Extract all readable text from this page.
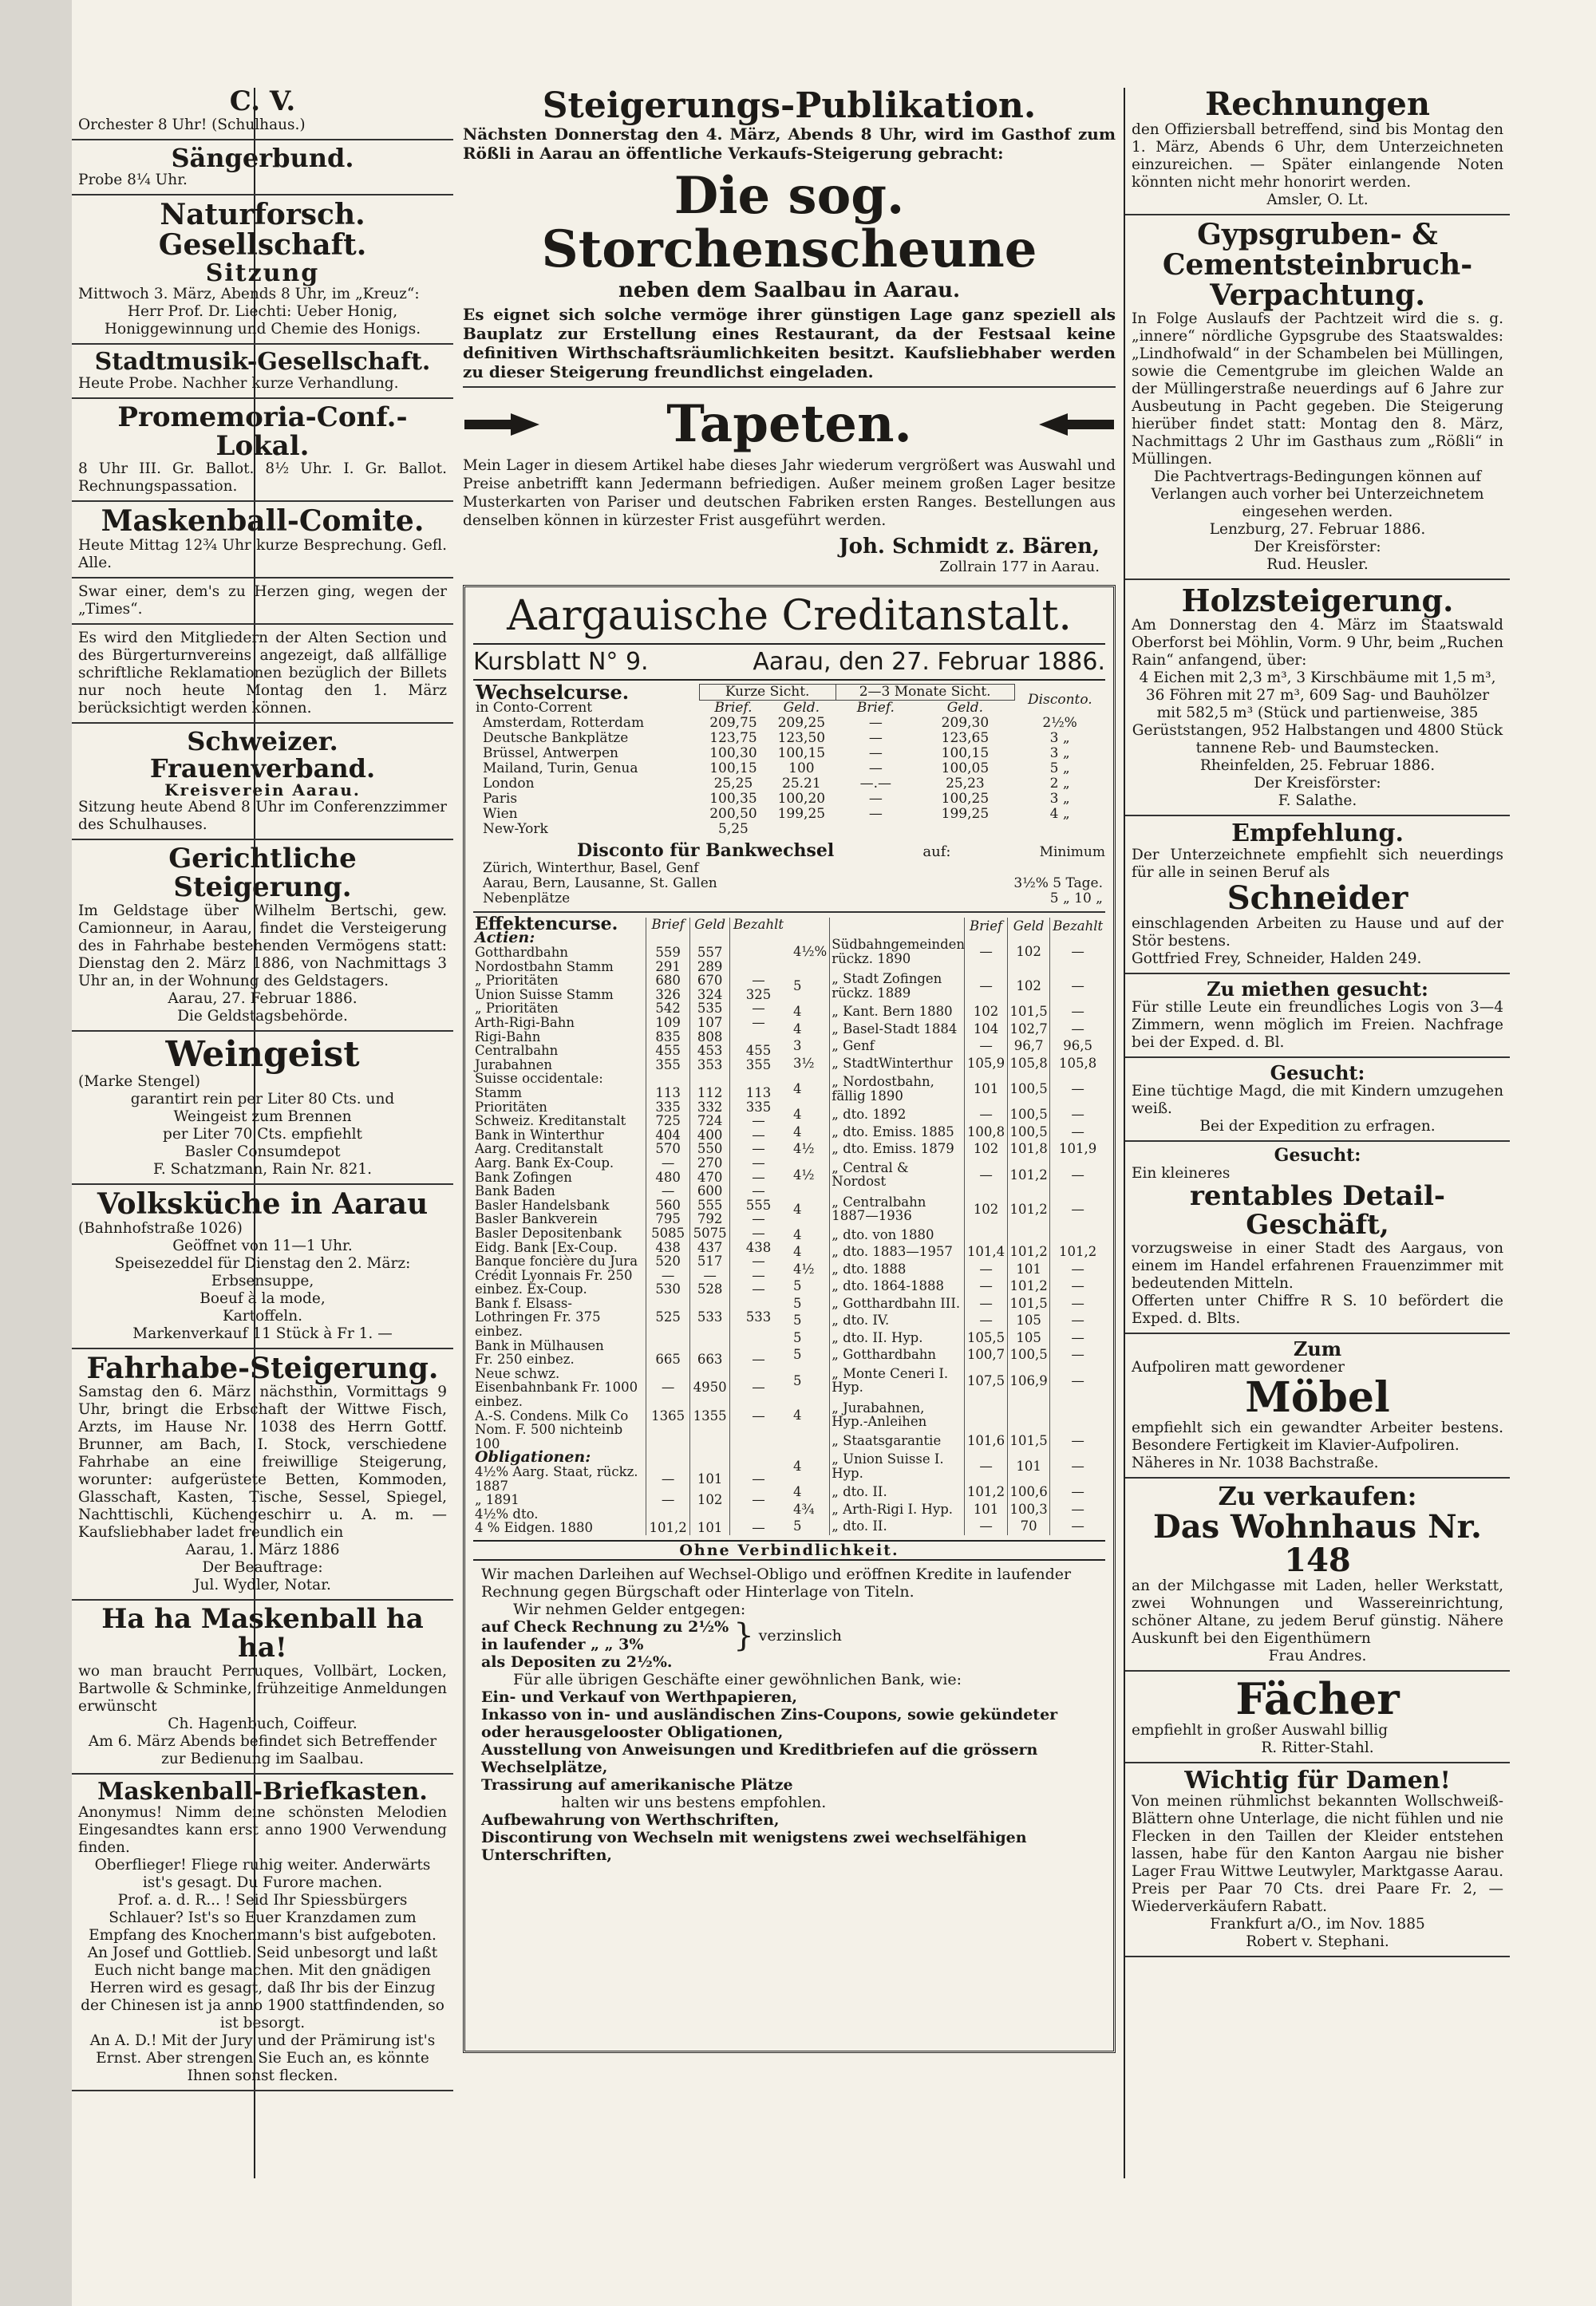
C. V.

Orchester 8 Uhr! (Schulhaus.)

Sängerbund.

Probe 8¼ Uhr.

Naturforsch. Gesellschaft.
Sitzung

Mittwoch 3. März, Abends 8 Uhr, im „Kreuz“:

Herr Prof. Dr. Liechti: Ueber Honig, Honiggewinnung und Chemie des Honigs.

Stadtmusik-Gesellschaft.

Heute Probe. Nachher kurze Verhandlung.

Promemoria-Conf.-Lokal.

8 Uhr III. Gr. Ballot. 8½ Uhr. I. Gr. Ballot. Rechnungspassation.

Maskenball-Comite.

Heute Mittag 12¾ Uhr kurze Besprechung. Gefl. Alle.

Swar einer, dem's zu Herzen ging, wegen der „Times“.

Es wird den Mitgliedern der Alten Section und des Bürgerturnvereins angezeigt, daß allfällige schriftliche Reklamationen bezüglich der Billets nur noch heute Montag den 1. März berücksichtigt werden können.

Schweizer. Frauenverband.
Kreisverein Aarau.

Sitzung heute Abend 8 Uhr im Conferenzzimmer des Schulhauses.

Gerichtliche Steigerung.

Im Geldstage über Wilhelm Bertschi, gew. Camionneur, in Aarau, findet die Versteigerung des in Fahrhabe bestehenden Vermögens statt: Dienstag den 2. März 1886, von Nachmittags 3 Uhr an, in der Wohnung des Geldstagers.

Aarau, 27. Februar 1886.

Die Geldstagsbehörde.

Weingeist

(Marke Stengel)

garantirt rein per Liter 80 Cts. und

Weingeist zum Brennen

per Liter 70 Cts. empfiehlt

Basler Consumdepot

F. Schatzmann, Rain Nr. 821.

Volksküche in Aarau

(Bahnhofstraße 1026)

Geöffnet von 11—1 Uhr.

Speisezeddel für Dienstag den 2. März:

Erbsensuppe,

Boeuf à la mode,

Kartoffeln.

Markenverkauf 11 Stück à Fr 1. —

Fahrhabe-Steigerung.

Samstag den 6. März nächsthin, Vormittags 9 Uhr, bringt die Erbschaft der Wittwe Fisch, Arzts, im Hause Nr. 1038 des Herrn Gottf. Brunner, am Bach, I. Stock, verschiedene Fahrhabe an eine freiwillige Steigerung, worunter: aufgerüstete Betten, Kommoden, Glasschaft, Kasten, Tische, Sessel, Spiegel, Nachttischli, Küchengeschirr u. A. m. — Kaufsliebhaber ladet freundlich ein

Aarau, 1. März 1886

Der Beauftrage:

Jul. Wydler, Notar.

Ha ha Maskenball ha ha!

wo man braucht Perruques, Vollbärt, Locken, Bartwolle & Schminke, frühzeitige Anmeldungen erwünscht

Ch. Hagenbuch, Coiffeur.

Am 6. März Abends befindet sich Betreffender zur Bedienung im Saalbau.

Maskenball-Briefkasten.

Anonymus! Nimm deine schönsten Melodien Eingesandtes kann erst anno 1900 Verwendung finden.

Oberflieger! Fliege ruhig weiter. Anderwärts ist's gesagt. Du Furore machen.

Prof. a. d. R... ! Seid Ihr Spiessbürgers Schlauer? Ist's so Euer Kranzdamen zum Empfang des Knochenmann's bist aufgeboten.

An Josef und Gottlieb. Seid unbesorgt und laßt Euch nicht bange machen. Mit den gnädigen Herren wird es gesagt, daß Ihr bis der Einzug der Chinesen ist ja anno 1900 stattfindenden, so ist besorgt.

An A. D.! Mit der Jury und der Prämirung ist's Ernst. Aber strengen Sie Euch an, es könnte Ihnen sonst flecken.

Rechnungen

den Offiziersball betreffend, sind bis Montag den 1. März, Abends 6 Uhr, dem Unterzeichneten einzureichen. — Später einlangende Noten könnten nicht mehr honorirt werden.

Amsler, O. Lt.

Gypsgruben- & Cementsteinbruch-Verpachtung.

In Folge Auslaufs der Pachtzeit wird die s. g. „innere“ nördliche Gypsgrube des Staatswaldes: „Lindhofwald“ in der Schambelen bei Müllingen, sowie die Cementgrube im gleichen Walde an der Müllingerstraße neuerdings auf 6 Jahre zur Ausbeutung in Pacht gegeben. Die Steigerung hierüber findet statt: Montag den 8. März, Nachmittags 2 Uhr im Gasthaus zum „Rößli“ in Müllingen.

Die Pachtvertrags-Bedingungen können auf Verlangen auch vorher bei Unterzeichnetem eingesehen werden.

Lenzburg, 27. Februar 1886.

Der Kreisförster:

Rud. Heusler.

Holzsteigerung.

Am Donnerstag den 4. März im Staatswald Oberforst bei Möhlin, Vorm. 9 Uhr, beim „Ruchen Rain“ anfangend, über:

4 Eichen mit 2,3 m³, 3 Kirschbäume mit 1,5 m³, 36 Föhren mit 27 m³, 609 Sag- und Bauhölzer mit 582,5 m³ (Stück und partienweise, 385 Gerüststangen, 952 Halbstangen und 4800 Stück tannene Reb- und Baumstecken.

Rheinfelden, 25. Februar 1886.

Der Kreisförster:

F. Salathe.

Empfehlung.

Der Unterzeichnete empfiehlt sich neuerdings für alle in seinen Beruf als

Schneider

einschlagenden Arbeiten zu Hause und auf der Stör bestens.

Gottfried Frey, Schneider, Halden 249.

Zu miethen gesucht:

Für stille Leute ein freundliches Logis von 3—4 Zimmern, wenn möglich im Freien. Nachfrage bei der Exped. d. Bl.

Gesucht:

Eine tüchtige Magd, die mit Kindern umzugehen weiß.

Bei der Expedition zu erfragen.

Gesucht:

Ein kleineres

rentables Detail-Geschäft,

vorzugsweise in einer Stadt des Aargaus, von einem im Handel erfahrenen Frauenzimmer mit bedeutenden Mitteln.

Offerten unter Chiffre R S. 10 befördert die Exped. d. Blts.

Zum

Aufpoliren matt gewordener

Möbel

empfiehlt sich ein gewandter Arbeiter bestens. Besondere Fertigkeit im Klavier-Aufpoliren.

Näheres in Nr. 1038 Bachstraße.

Zu verkaufen:
Das Wohnhaus Nr. 148

an der Milchgasse mit Laden, heller Werkstatt, zwei Wohnungen und Wassereinrichtung, schöner Altane, zu jedem Beruf günstig. Nähere Auskunft bei den Eigenthümern

Frau Andres.

Fächer

empfiehlt in großer Auswahl billig

R. Ritter-Stahl.

Wichtig für Damen!

Von meinen rühmlichst bekannten Wollschweiß-Blättern ohne Unterlage, die nicht fühlen und nie Flecken in den Taillen der Kleider entstehen lassen, habe für den Kanton Aargau nie bisher Lager Frau Wittwe Leutwyler, Marktgasse Aarau. Preis per Paar 70 Cts. drei Paare Fr. 2, — Wiederverkäufern Rabatt.

Frankfurt a/O., im Nov. 1885

Robert v. Stephani.

Steigerungs-Publikation.

Nächsten Donnerstag den 4. März, Abends 8 Uhr, wird im Gasthof zum Rößli in Aarau an öffentliche Verkaufs-Steigerung gebracht:

Die sog. Storchenscheune
neben dem Saalbau in Aarau.

Es eignet sich solche vermöge ihrer günstigen Lage ganz speziell als Bauplatz zur Erstellung eines Restaurant, da der Festsaal keine definitiven Wirthschaftsräumlichkeiten besitzt. Kaufsliebhaber werden zu dieser Steigerung freundlichst eingeladen.

Tapeten.

Mein Lager in diesem Artikel habe dieses Jahr wiederum vergrößert was Auswahl und Preise anbetrifft kann Jedermann befriedigen. Außer meinem großen Lager besitze Musterkarten von Pariser und deutschen Fabriken ersten Ranges. Bestellungen aus denselben können in kürzester Frist ausgeführt werden.

Joh. Schmidt z. Bären,
Zollrain 177 in Aarau.
Aargauische Creditanstalt.
Kursblatt N° 9.	Aarau, den 27. Februar 1886.
Wechselcurse.	Kurze Sicht.		2—3 Monate Sicht.		Disconto.
in Conto-Corrent	Brief.	Geld.	Brief.	Geld.	
Amsterdam, Rotterdam	209,75	209,25	—	209,30	2½%
Deutsche Bankplätze	123,75	123,50	—	123,65	3 „
Brüssel, Antwerpen	100,30	100,15	—	100,15	3 „
Mailand, Turin, Genua	100,15	100	—	100,05	5 „
London	25,25	25.21	—.—	25,23	2 „
Paris	100,35	100,20	—	100,25	3 „
Wien	200,50	199,25	—	199,25	4 „
New-York	5,25				
Disconto für Bankwechsel	auf:	Minimum
Zürich, Winterthur, Basel, Genf	
Aarau, Bern, Lausanne, St. Gallen	3½% 5 Tage.
Nebenplätze	5 „ 10 „
Effektencurse.	Brief	Geld	Bezahlt
Actien:			
Gotthardbahn	559	557	
Nordostbahn Stamm	291	289	
„ Prioritäten	680	670	—
Union Suisse Stamm	326	324	325
„ Prioritäten	542	535	—
Arth-Rigi-Bahn	109	107	—
Rigi-Bahn	835	808	
Centralbahn	455	453	455
Jurabahnen	355	353	355
Suisse occidentale:			
Stamm	113	112	113
Prioritäten	335	332	335

Schweiz. Kreditanstalt	725	724	—
Bank in Winterthur	404	400	—
Aarg. Creditanstalt	570	550	—
Aarg. Bank Ex-Coup.	—	270	—
Bank Zofingen	480	470	—
Bank Baden	—	600	—
Basler Handelsbank	560	555	555
Basler Bankverein	795	792	—
Basler Depositenbank	5085	5075	—
Eidg. Bank [Ex-Coup.	438	437	438
Banque foncière du Jura	520	517	—
Crédit Lyonnais Fr. 250	—	—	—
einbez. Ex-Coup.	530	528	—
Bank f. Elsass-Lothringen Fr. 375 einbez.	525	533	533
Bank in Mülhausen			
Fr. 250 einbez.	665	663	—
Neue schwz. Eisenbahnbank Fr. 1000 einbez.	—	4950	—
A.-S. Condens. Milk Co	1365	1355	—
Nom. F. 500 nichteinb 100			
Obligationen:			
4½% Aarg. Staat, rückz. 1887	—	101	—
„ 1891	—	102	—
4½% dto.			
4 % Eidgen. 1880	101,2	101	—
		Brief	Geld	Bezahlt
4½%	Südbahngemeinden rückz. 1890	—	102	—
5	„ Stadt Zofingen rückz. 1889	—	102	—
4	„ Kant. Bern 1880	102	101,5	—
4	„ Basel-Stadt 1884	104	102,7	—
3	„ Genf	—	96,7	96,5
3½	„ StadtWinterthur	105,9	105,8	105,8
4	„ Nordostbahn, fällig 1890	101	100,5	—
4	„ dto. 1892	—	100,5	—
4	„ dto. Emiss. 1885	100,8	100,5	—
4½	„ dto. Emiss. 1879	102	101,8	101,9
4½	„ Central & Nordost	—	101,2	—
4	„ Centralbahn 1887—1936	102	101,2	—
4	„ dto. von 1880			
4	„ dto. 1883—1957	101,4	101,2	101,2
4½	„ dto. 1888	—	101	—
5	„ dto. 1864-1888	—	101,2	—
5	„ Gotthardbahn III.	—	101,5	—
5	„ dto. IV.	—	105	—
5	„ dto. II. Hyp.	105,5	105	—
5	„ Gotthardbahn	100,7	100,5	—
5	„ Monte Ceneri I. Hyp.	107,5	106,9	—
4	„ Jurabahnen, Hyp.-Anleihen			
	„ Staatsgarantie	101,6	101,5	—
4	„ Union Suisse I. Hyp.	—	101	—
4	„ dto. II.	101,2	100,6	—
4¾	„ Arth-Rigi I. Hyp.	101	100,3	—
5	„ dto. II.	—	70	—
Ohne Verbindlichkeit.

Wir machen Darleihen auf Wechsel-Obligo und eröffnen Kredite in laufender Rechnung gegen Bürgschaft oder Hinterlage von Titeln.

Wir nehmen Gelder entgegen:

auf Check Rechnung zu 2½%

in laufender „ „ 3%	} verzinslich

als Depositen zu 2½%.

Für alle übrigen Geschäfte einer gewöhnlichen Bank, wie:

Ein- und Verkauf von Werthpapieren,

Inkasso von in- und ausländischen Zins-Coupons, sowie gekündeter oder herausgelooster Obligationen,

Ausstellung von Anweisungen und Kreditbriefen auf die grössern Wechselplätze,

Trassirung auf amerikanische Plätze

halten wir uns bestens empfohlen.

Aufbewahrung von Werthschriften,

Discontirung von Wechseln mit wenigstens zwei wechselfähigen Unterschriften,
